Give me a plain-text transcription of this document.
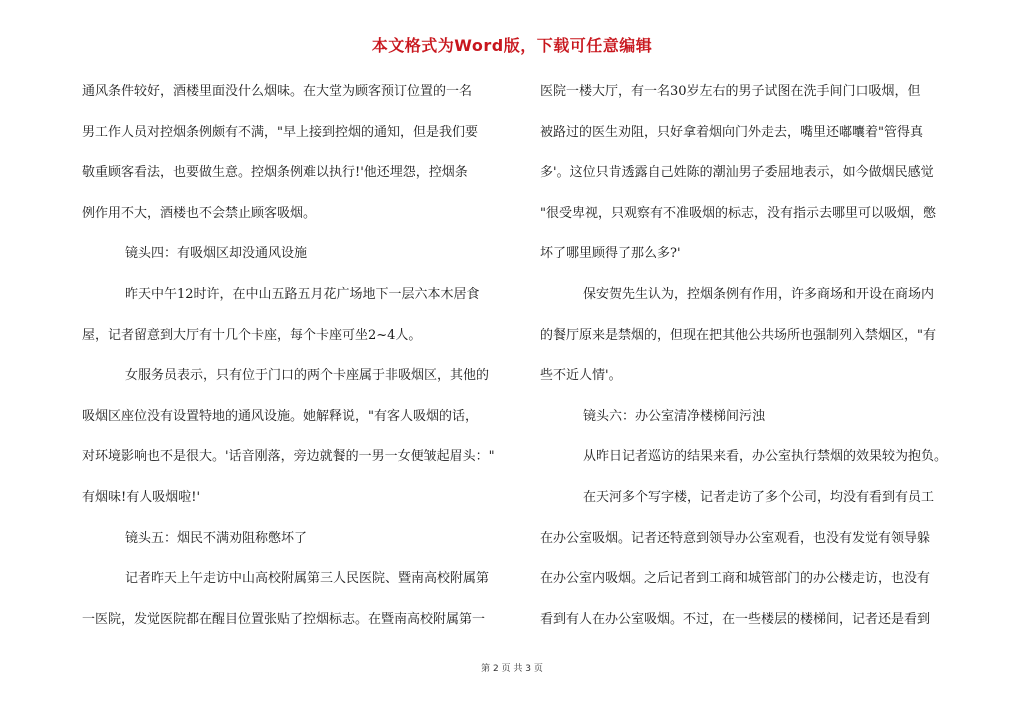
本文格式为Word版，下载可任意编辑
通风条件较好，酒楼里面没什么烟味。在大堂为顾客预订位置的一名
男工作人员对控烟条例颇有不满，"早上接到控烟的通知，但是我们要
敬重顾客看法，也要做生意。控烟条例难以执行!'他还埋怨，控烟条
例作用不大，酒楼也不会禁止顾客吸烟。
镜头四：有吸烟区却没通风设施
昨天中午12时许，在中山五路五月花广场地下一层六本木居食
屋，记者留意到大厅有十几个卡座，每个卡座可坐2~4人。
女服务员表示，只有位于门口的两个卡座属于非吸烟区，其他的
吸烟区座位没有设置特地的通风设施。她解释说，"有客人吸烟的话，
对环境影响也不是很大。'话音刚落，旁边就餐的一男一女便皱起眉头："
有烟味!有人吸烟啦!'
镜头五：烟民不满劝阻称憋坏了
记者昨天上午走访中山高校附属第三人民医院、暨南高校附属第
一医院，发觉医院都在醒目位置张贴了控烟标志。在暨南高校附属第一
医院一楼大厅，有一名30岁左右的男子试图在洗手间门口吸烟，但
被路过的医生劝阻，只好拿着烟向门外走去，嘴里还嘟囔着"管得真
多'。这位只肯透露自己姓陈的潮汕男子委屈地表示，如今做烟民感觉
"很受卑视，只观察有不准吸烟的标志，没有指示去哪里可以吸烟，憋
坏了哪里顾得了那么多?'
保安贺先生认为，控烟条例有作用，许多商场和开设在商场内
的餐厅原来是禁烟的，但现在把其他公共场所也强制列入禁烟区，"有
些不近人情'。
镜头六：办公室清净楼梯间污浊
从昨日记者巡访的结果来看，办公室执行禁烟的效果较为抱负。
在天河多个写字楼，记者走访了多个公司，均没有看到有员工
在办公室吸烟。记者还特意到领导办公室观看，也没有发觉有领导躲
在办公室内吸烟。之后记者到工商和城管部门的办公楼走访，也没有
看到有人在办公室吸烟。不过，在一些楼层的楼梯间，记者还是看到
第 2 页 共 3 页
